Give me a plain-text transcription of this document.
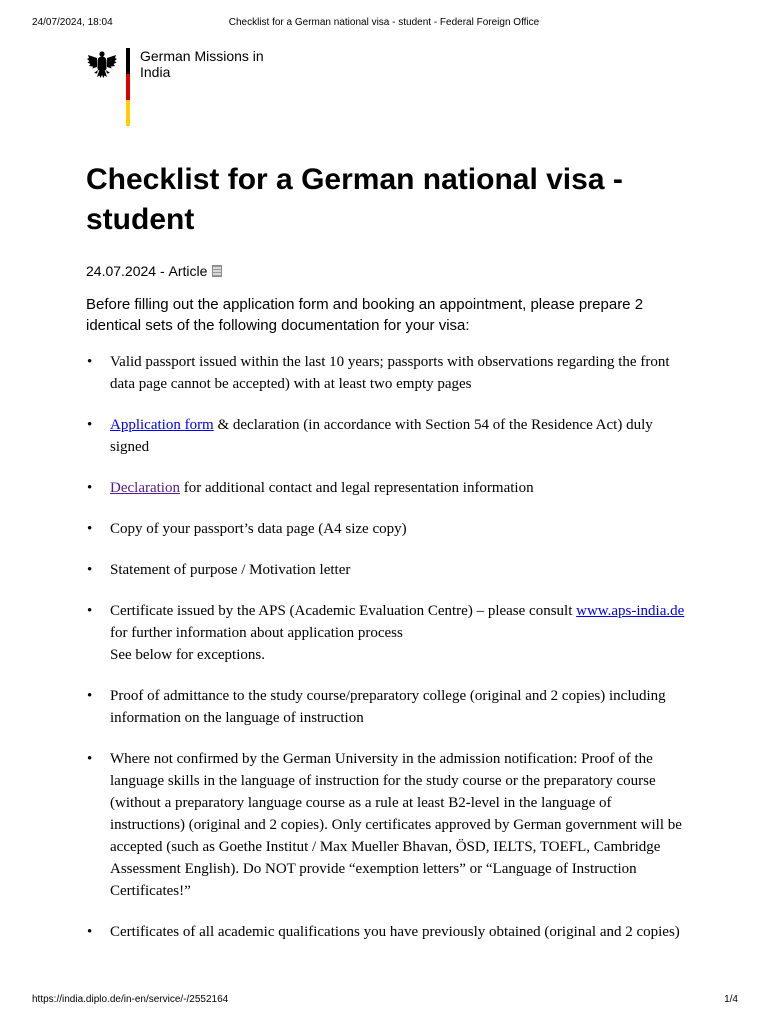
24/07/2024, 18:04	Checklist for a German national visa - student - Federal Foreign Office
German Missions in India
Checklist for a German national visa - student
24.07.2024 - Article

Before filling out the application form and booking an appointment, please prepare 2 identical sets of the following documentation for your visa:

• Valid passport issued within the last 10 years; passports with observations regarding the front data page cannot be accepted) with at least two empty pages
• Application form & declaration (in accordance with Section 54 of the Residence Act) duly signed
• Declaration for additional contact and legal representation information
• Copy of your passport’s data page (A4 size copy)
• Statement of purpose / Motivation letter
• Certificate issued by the APS (Academic Evaluation Centre) – please consult www.aps-india.de for further information about application process
See below for exceptions.
• Proof of admittance to the study course/preparatory college (original and 2 copies) including information on the language of instruction
• Where not confirmed by the German University in the admission notification: Proof of the language skills in the language of instruction for the study course or the preparatory course (without a preparatory language course as a rule at least B2-level in the language of instructions) (original and 2 copies). Only certificates approved by German government will be accepted (such as Goethe Institut / Max Mueller Bhavan, ÖSD, IELTS, TOEFL, Cambridge Assessment English). Do NOT provide “exemption letters” or “Language of Instruction Certificates!”
• Certificates of all academic qualifications you have previously obtained (original and 2 copies)
https://india.diplo.de/in-en/service/-/2552164	1/4
